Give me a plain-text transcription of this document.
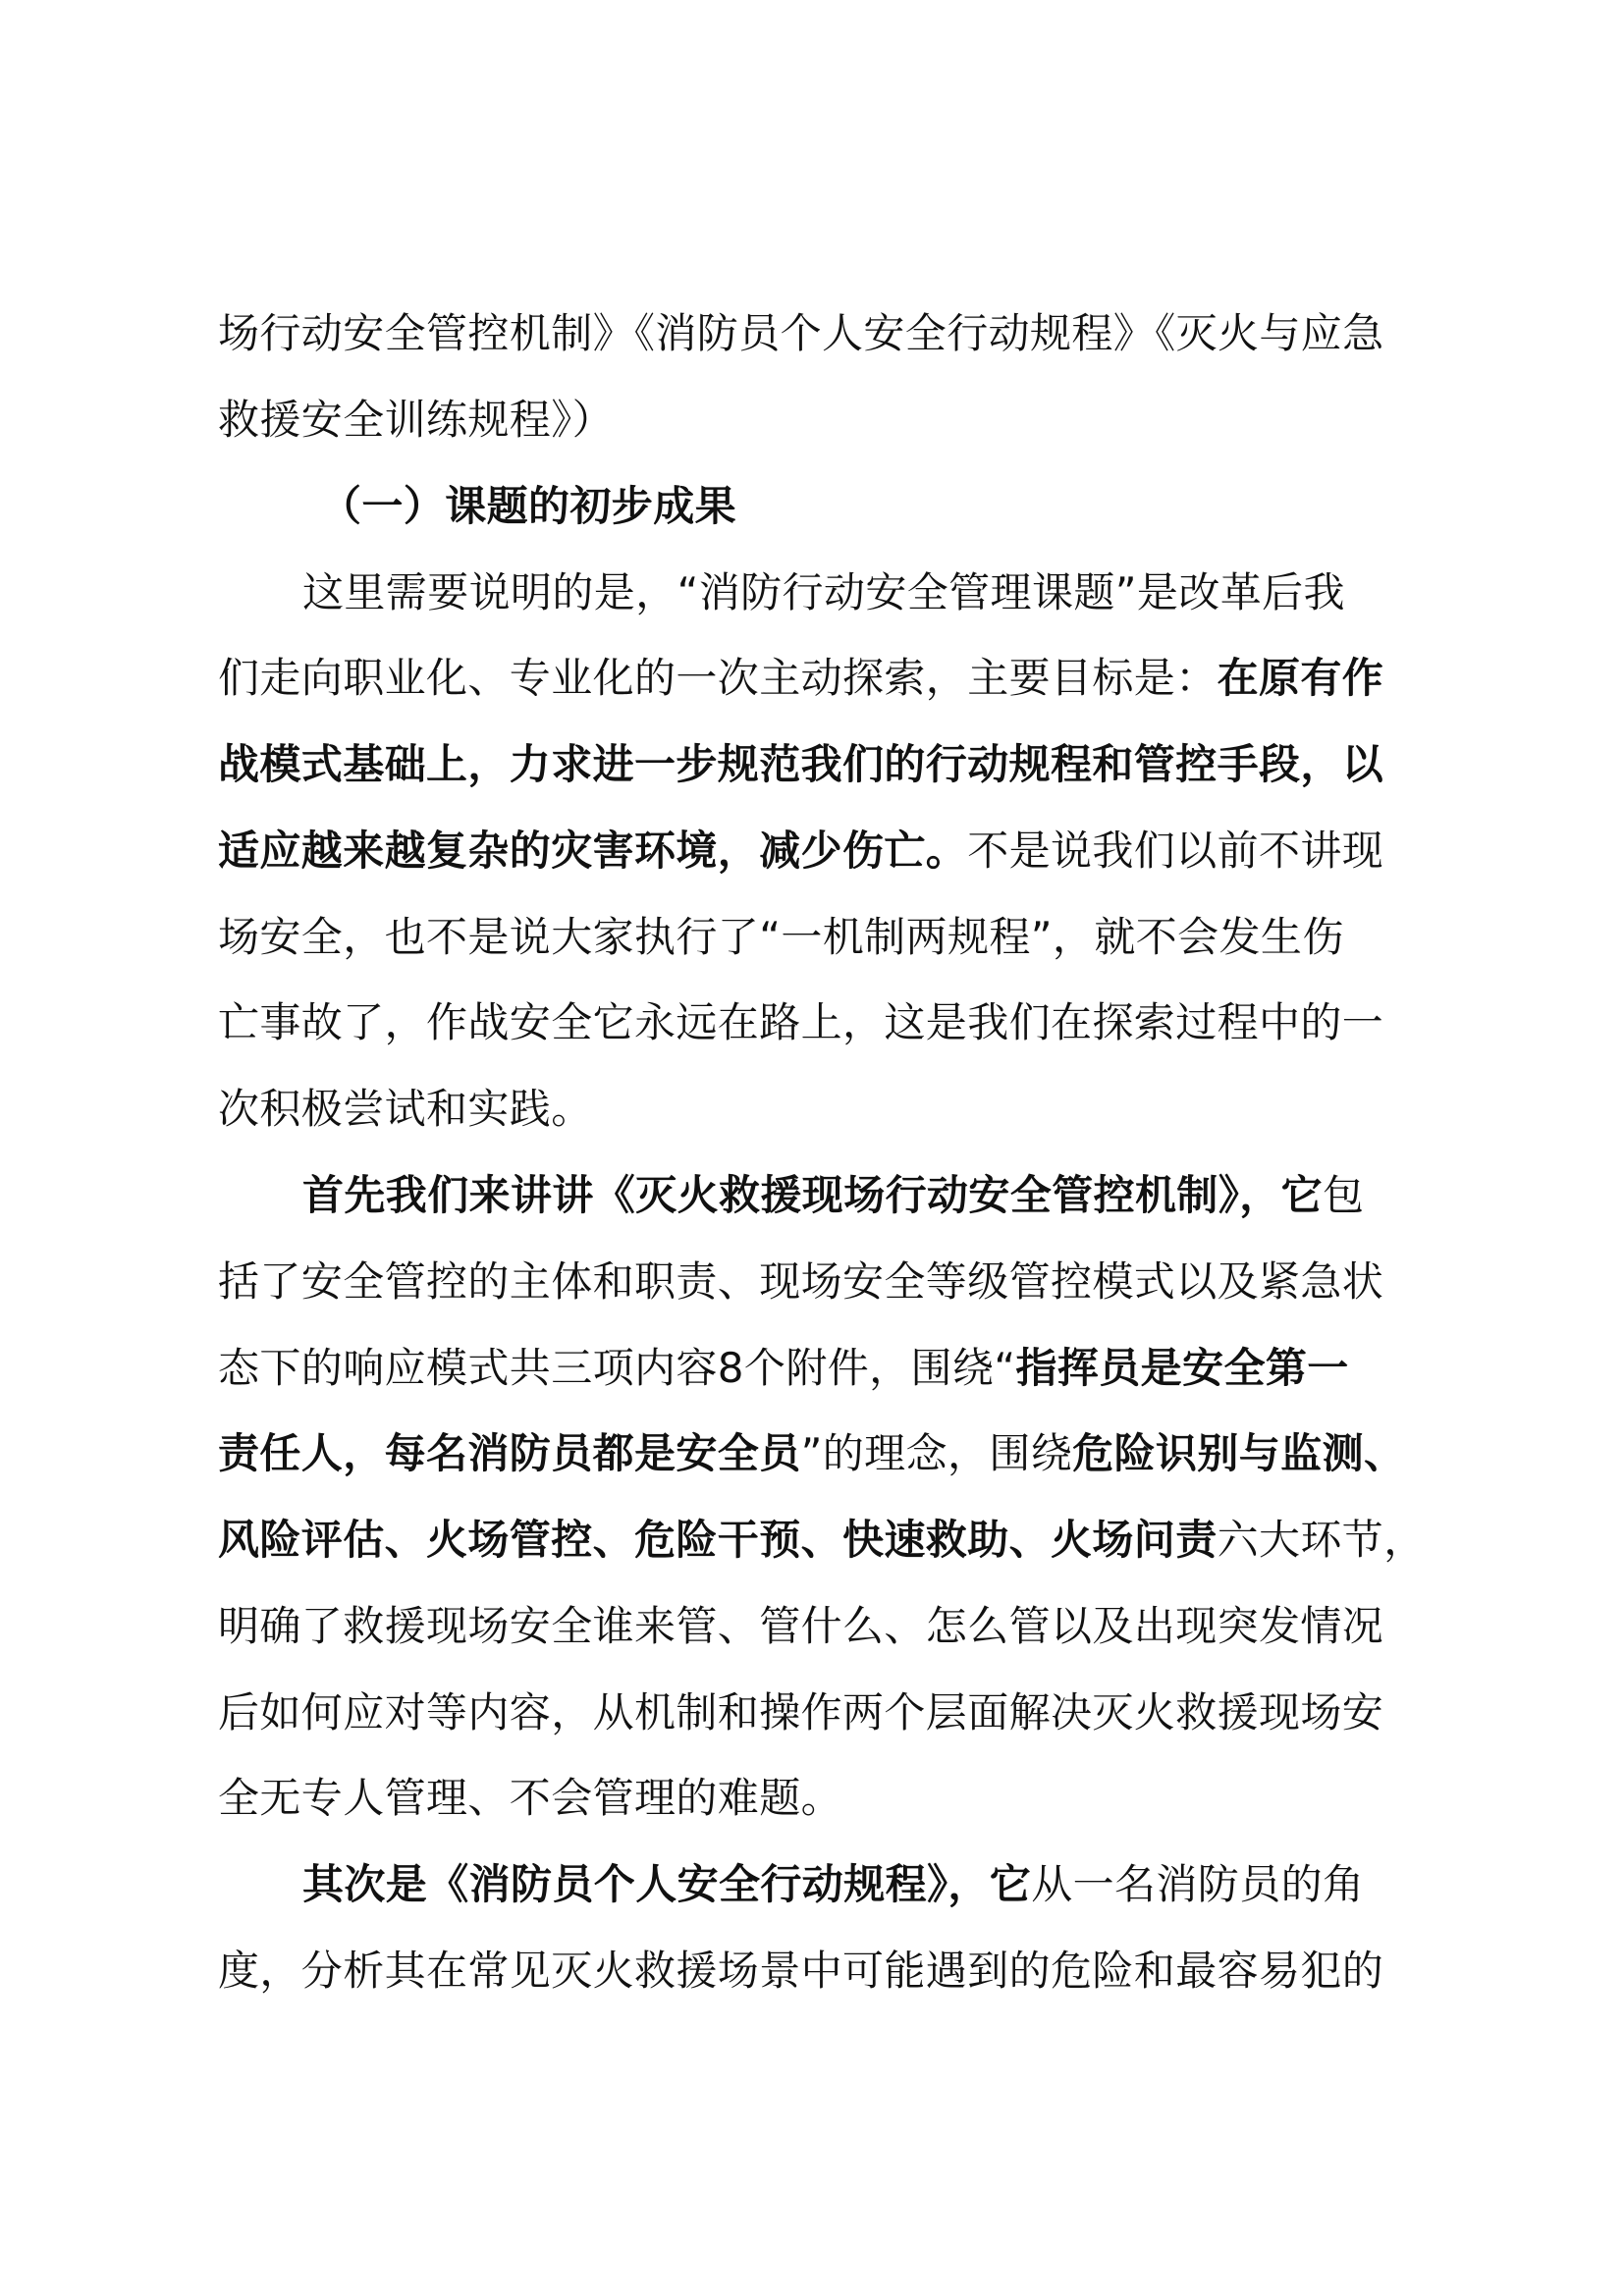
场行动安全管控机制》《消防员个人安全行动规程》《灭火与应急
救援安全训练规程》）
（一）课题的初步成果
这里需要说明的是，“消防行动安全管理课题”是改革后我
们走向职业化、专业化的一次主动探索，主要目标是：在原有作
战模式基础上，力求进一步规范我们的行动规程和管控手段，以
适应越来越复杂的灾害环境，减少伤亡。不是说我们以前不讲现
场安全，也不是说大家执行了“一机制两规程”，就不会发生伤
亡事故了，作战安全它永远在路上，这是我们在探索过程中的一
次积极尝试和实践。
首先我们来讲讲《灭火救援现场行动安全管控机制》，它包
括了安全管控的主体和职责、现场安全等级管控模式以及紧急状
态下的响应模式共三项内容8个附件，围绕“指挥员是安全第一
责任人，每名消防员都是安全员”的理念，围绕危险识别与监测、
风险评估、火场管控、危险干预、快速救助、火场问责六大环节，
明确了救援现场安全谁来管、管什么、怎么管以及出现突发情况
后如何应对等内容，从机制和操作两个层面解决灭火救援现场安
全无专人管理、不会管理的难题。
其次是《消防员个人安全行动规程》，它从一名消防员的角
度，分析其在常见灭火救援场景中可能遇到的危险和最容易犯的
